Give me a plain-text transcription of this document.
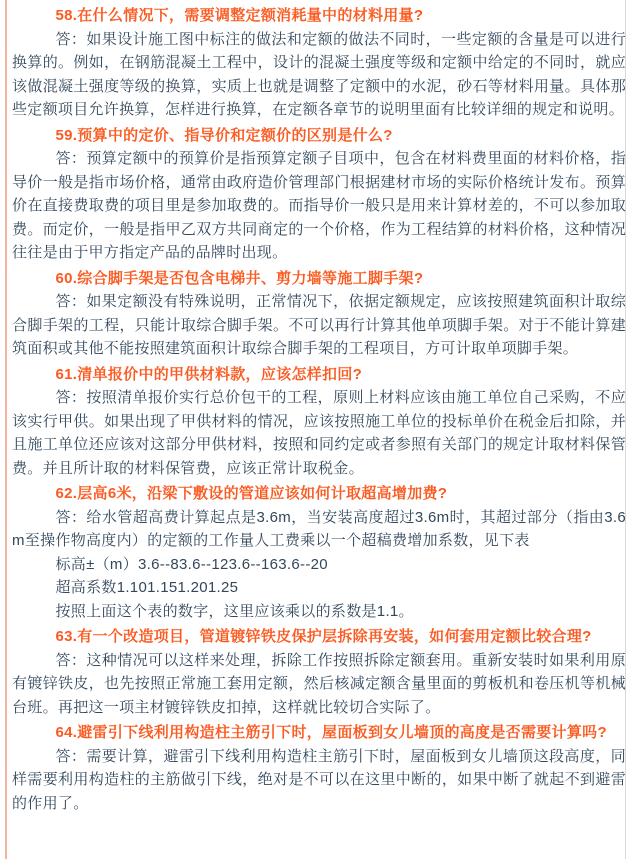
58.在什么情况下，需要调整定额消耗量中的材料用量?

答：如果设计施工图中标注的做法和定额的做法不同时，一些定额的含量是可以进行换算的。例如，在钢筋混凝土工程中，设计的混凝土强度等级和定额中给定的不同时，就应该做混凝土强度等级的换算，实质上也就是调整了定额中的水泥，砂石等材料用量。具体那些定额项目允许换算，怎样进行换算，在定额各章节的说明里面有比较详细的规定和说明。

59.预算中的定价、指导价和定额价的区别是什么?

答：预算定额中的预算价是指预算定额子目项中，包含在材料费里面的材料价格，指导价一般是指市场价格，通常由政府造价管理部门根据建材市场的实际价格统计发布。预算价在直接费取费的项目里是参加取费的。而指导价一般只是用来计算材差的，不可以参加取费。而定价，一般是指甲乙双方共同商定的一个价格，作为工程结算的材料价格，这种情况往往是由于甲方指定产品的品牌时出现。

60.综合脚手架是否包含电梯井、剪力墙等施工脚手架?

答：如果定额没有特殊说明，正常情况下，依据定额规定，应该按照建筑面积计取综合脚手架的工程，只能计取综合脚手架。不可以再行计算其他单项脚手架。对于不能计算建筑面积或其他不能按照建筑面积计取综合脚手架的工程项目，方可计取单项脚手架。

61.清单报价中的甲供材料款，应该怎样扣回?

答：按照清单报价实行总价包干的工程，原则上材料应该由施工单位自己采购，不应该实行甲供。如果出现了甲供材料的情况，应该按照施工单位的投标单价在税金后扣除，并且施工单位还应该对这部分甲供材料，按照和同约定或者参照有关部门的规定计取材料保管费。并且所计取的材料保管费，应该正常计取税金。

62.层高6米，沿梁下敷设的管道应该如何计取超高增加费?

答：给水管超高费计算起点是3.6m，当安装高度超过3.6m时，其超过部分（指由3.6m至操作物高度内）的定额的工作量人工费乘以一个超稿费增加系数，见下表

标高±（m）3.6--83.6--123.6--163.6--20

超高系数1.101.151.201.25

按照上面这个表的数字，这里应该乘以的系数是1.1。

63.有一个改造项目，管道镀锌铁皮保护层拆除再安装，如何套用定额比较合理?

答：这种情况可以这样来处理，拆除工作按照拆除定额套用。重新安装时如果利用原有镀锌铁皮，也先按照正常施工套用定额，然后核减定额含量里面的剪板机和卷压机等机械台班。再把这一项主材镀锌铁皮扣掉，这样就比较切合实际了。

64.避雷引下线利用构造柱主筋引下时，屋面板到女儿墙顶的高度是否需要计算吗?

答：需要计算，避雷引下线利用构造柱主筋引下时，屋面板到女儿墙顶这段高度，同样需要利用构造柱的主筋做引下线，绝对是不可以在这里中断的，如果中断了就起不到避雷的作用了。
